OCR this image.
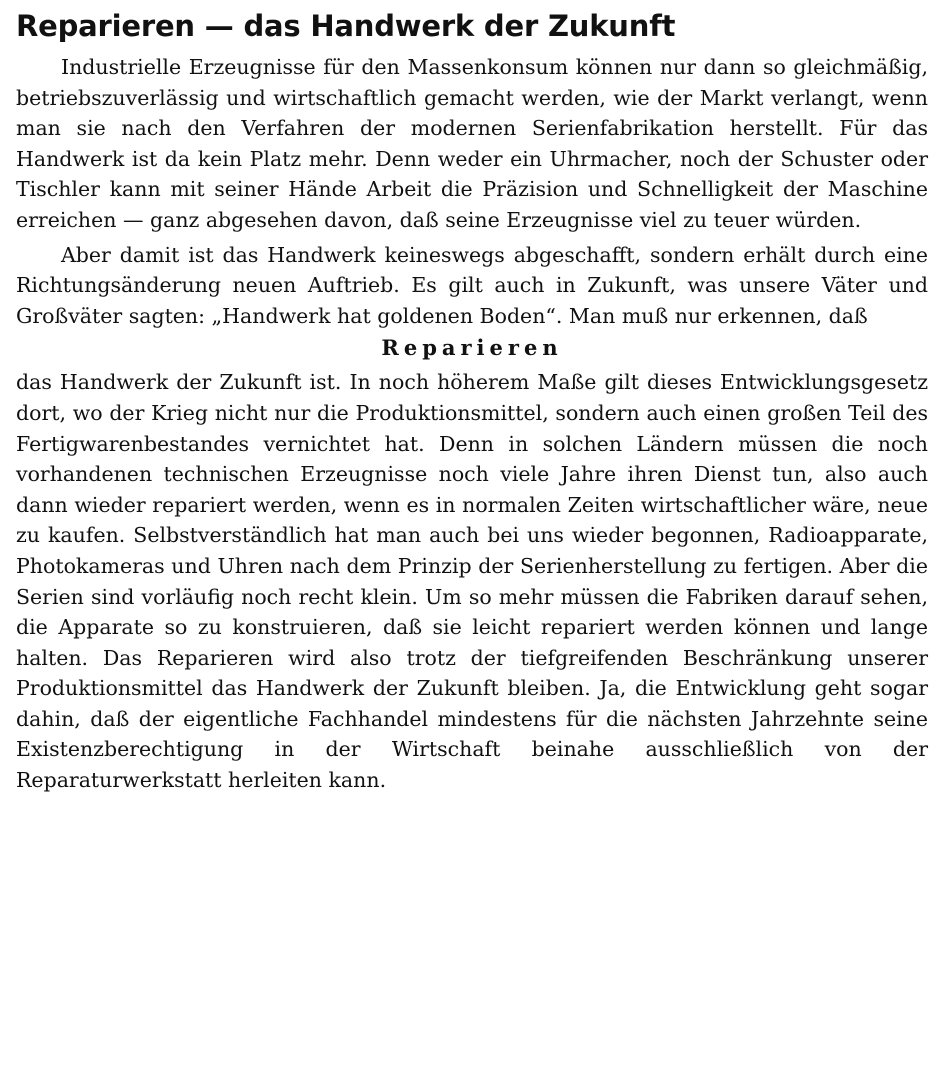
Reparieren — das Handwerk der Zukunft

Industrielle Erzeugnisse für den Massenkonsum können nur dann so gleichmäßig, betriebszuverlässig und wirtschaftlich gemacht werden, wie der Markt verlangt, wenn man sie nach den Verfahren der modernen Serienfabrikation herstellt. Für das Handwerk ist da kein Platz mehr. Denn weder ein Uhrmacher, noch der Schuster oder Tischler kann mit seiner Hände Arbeit die Präzision und Schnelligkeit der Maschine erreichen — ganz abgesehen davon, daß seine Erzeugnisse viel zu teuer würden.

Aber damit ist das Handwerk keineswegs abgeschafft, sondern erhält durch eine Richtungsänderung neuen Auftrieb. Es gilt auch in Zukunft, was unsere Väter und Großväter sagten: „Handwerk hat goldenen Boden“. Man muß nur erkennen, daß

Reparieren

das Handwerk der Zukunft ist. In noch höherem Maße gilt dieses Entwicklungsgesetz dort, wo der Krieg nicht nur die Produktionsmittel, sondern auch einen großen Teil des Fertigwarenbestandes vernichtet hat. Denn in solchen Ländern müssen die noch vorhandenen technischen Erzeugnisse noch viele Jahre ihren Dienst tun, also auch dann wieder repariert werden, wenn es in normalen Zeiten wirtschaftlicher wäre, neue zu kaufen. Selbstverständlich hat man auch bei uns wieder begonnen, Radioapparate, Photokameras und Uhren nach dem Prinzip der Serienherstellung zu fertigen. Aber die Serien sind vorläufig noch recht klein. Um so mehr müssen die Fabriken darauf sehen, die Apparate so zu konstruieren, daß sie leicht repariert werden können und lange halten. Das Reparieren wird also trotz der tiefgreifenden Beschränkung unserer Produktionsmittel das Handwerk der Zukunft bleiben. Ja, die Entwicklung geht sogar dahin, daß der eigentliche Fachhandel mindestens für die nächsten Jahrzehnte seine Existenzberechtigung in der Wirtschaft beinahe ausschließlich von der Reparaturwerkstatt herleiten kann.
